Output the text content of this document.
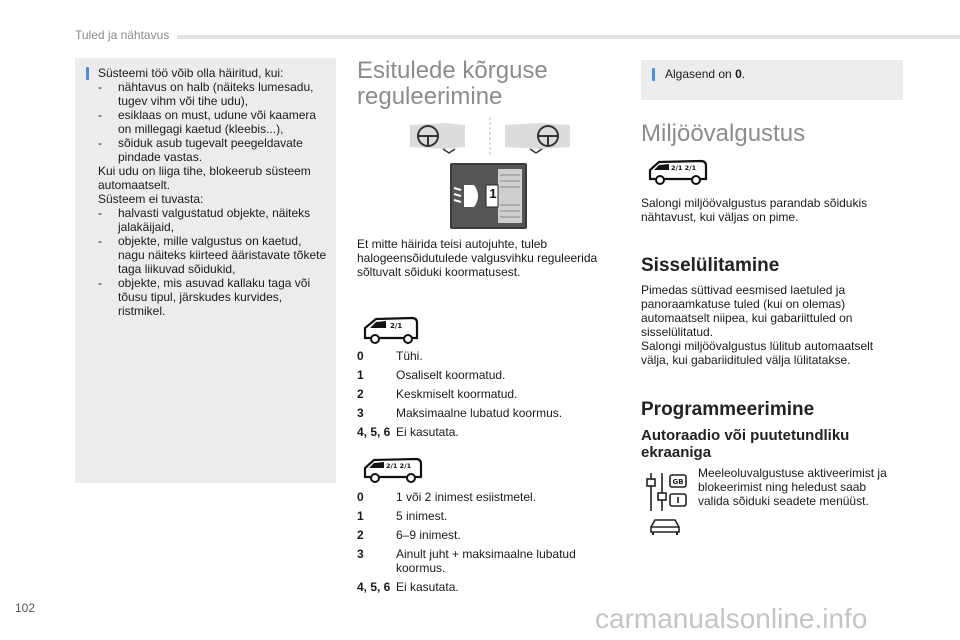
Tuled ja nähtavus
Süsteemi töö võib olla häiritud, kui:
-	nähtavus on halb (näiteks lumesadu, tugev vihm või tihe udu),
-	esiklaas on must, udune või kaamera on millegagi kaetud (kleebis...),
-	sõiduk asub tugevalt peegeldavate pindade vastas.
Kui udu on liiga tihe, blokeerub süsteem automaatselt.
Süsteem ei tuvasta:
-	halvasti valgustatud objekte, näiteks jalakäijaid,
-	objekte, mille valgustus on kaetud, nagu näiteks kiirteed ääristavate tõkete taga liikuvad sõidukid,
-	objekte, mis asuvad kallaku taga või tõusu tipul, järskudes kurvides, ristmikel.
Esitulede kõrguse
reguleerimine
1
Et mitte häirida teisi autojuhte, tuleb halogeensõidutulede valgusvihku reguleerida sõltuvalt sõiduki koormatusest.
2/1
0	Tühi.
1	Osaliselt koormatud.
2	Keskmiselt koormatud.
3	Maksimaalne lubatud koormus.
4, 5, 6 Ei kasutata.
2/1 2/1
0	1 või 2 inimest esiistmetel.
1	5 inimest.
2	6–9 inimest.
3	Ainult juht + maksimaalne lubatud koormus.
4, 5, 6 Ei kasutata.
Algasend on 0.
Miljöövalgustus
2/1 2/1
Salongi miljöövalgustus parandab sõidukis nähtavust, kui väljas on pime.
Sisselülitamine
Pimedas süttivad eesmised laetuled ja panoraamkatuse tuled (kui on olemas) automaatselt niipea, kui gabariittuled on sisselülitatud.
Salongi miljöövalgustus lülitub automaatselt välja, kui gabariidituled välja lülitatakse.
Programmeerimine
Autoraadio või puutetundliku
ekraaniga
GB
Meeleoluvalgustuse aktiveerimist ja blokeerimist ning heledust saab valida sõiduki seadete menüüst.
102	carmanualsonline.info
